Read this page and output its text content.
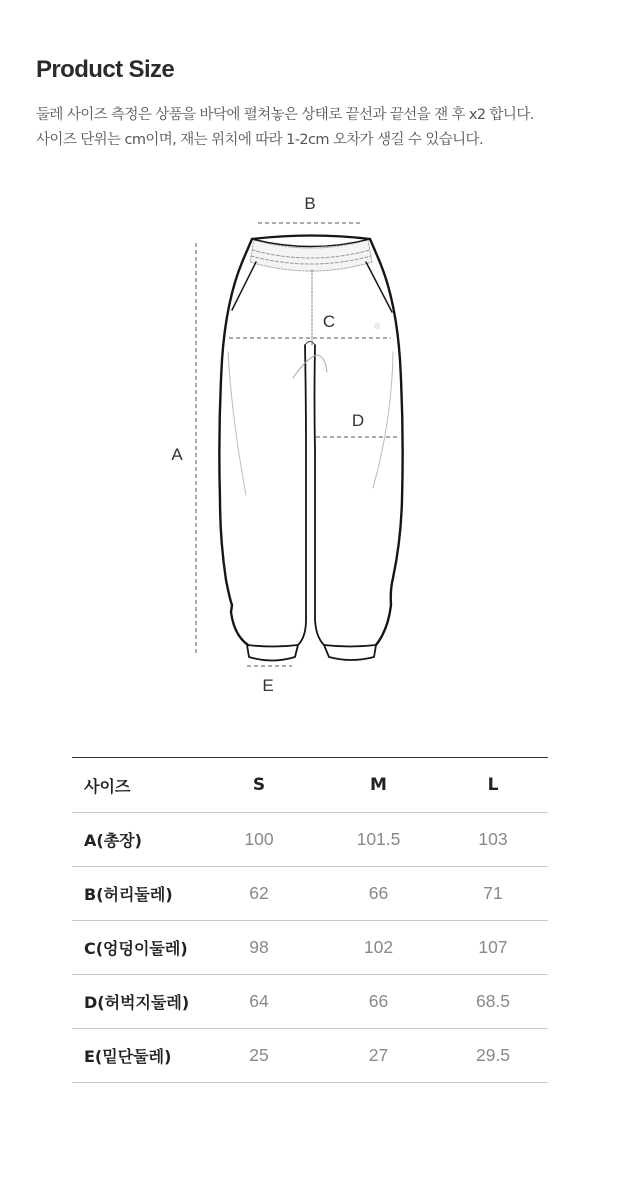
Product Size
둘레 사이즈 측정은 상품을 바닥에 펼쳐놓은 상태로 끝선과 끝선을 잰 후 x2 합니다.
사이즈 단위는 cm이며, 재는 위치에 따라 1-2cm 오차가 생길 수 있습니다.
B
A
C
D
E
사이즈	S	M	L
A(총장)	100	101.5	103
B(허리둘레)	62	66	71
C(엉덩이둘레)	98	102	107
D(허벅지둘레)	64	66	68.5
E(밑단둘레)	25	27	29.5
